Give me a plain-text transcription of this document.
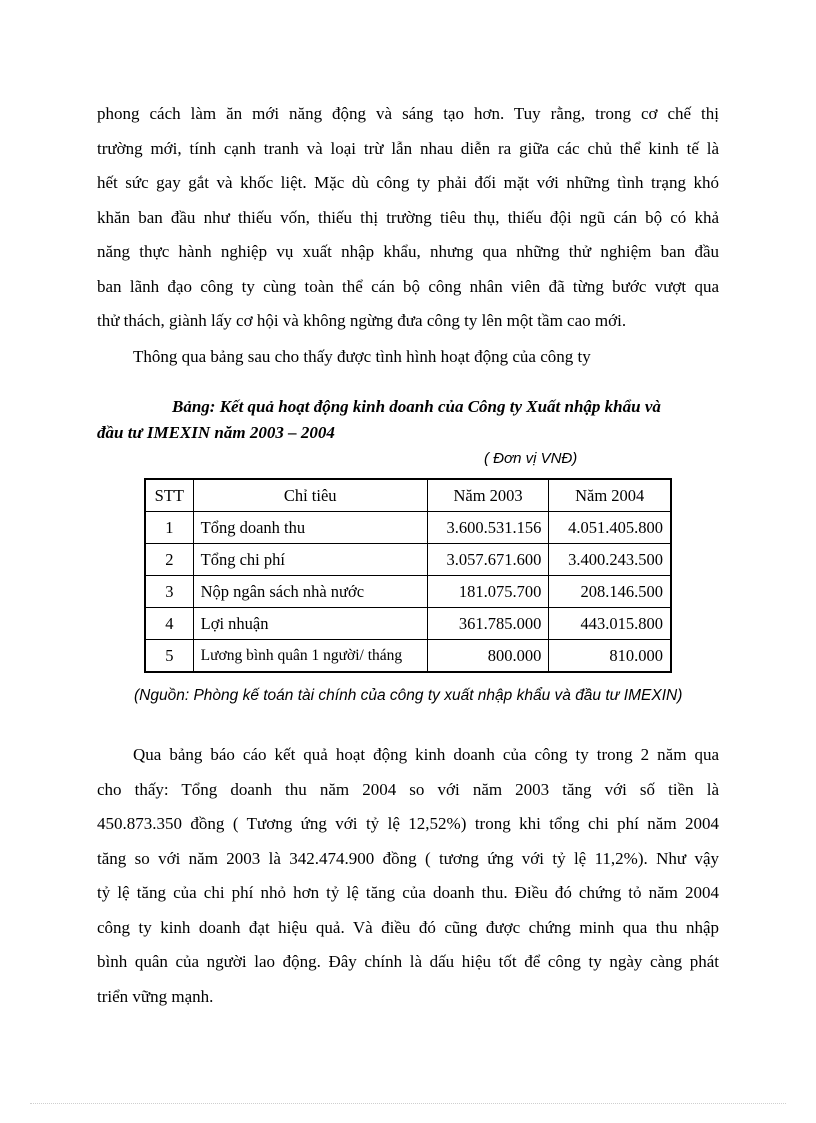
phong cách làm ăn mới năng động và sáng tạo hơn. Tuy rằng, trong cơ chế thị
trường mới, tính cạnh tranh và loại trừ lẫn nhau diễn ra giữa các chủ thể kinh tế là
hết sức gay gắt và khốc liệt. Mặc dù công ty phải đối mặt với những tình trạng khó
khăn ban đầu như thiếu vốn, thiếu thị trường tiêu thụ, thiếu đội ngũ cán bộ có khả
năng thực hành nghiệp vụ xuất nhập khẩu, nhưng qua những thử nghiệm ban đầu
ban lãnh đạo công ty cùng toàn thể cán bộ công nhân viên đã từng bước vượt qua
thử thách, giành lấy cơ hội và không ngừng đưa công ty lên một tầm cao mới.

Thông qua bảng sau cho thấy được tình hình hoạt động của công ty

Bảng: Kết quả hoạt động kinh doanh của Công ty Xuất nhập khẩu và
đầu tư IMEXIN năm 2003 – 2004

( Đơn vị VNĐ)

STT	Chỉ tiêu	Năm 2003	Năm 2004
1	Tổng doanh thu	3.600.531.156	4.051.405.800
2	Tổng chi phí	3.057.671.600	3.400.243.500
3	Nộp ngân sách nhà nước	181.075.700	208.146.500
4	Lợi nhuận	361.785.000	443.015.800
5	Lương bình quân 1 người/ tháng	800.000	810.000

(Nguồn: Phòng kế toán tài chính của công ty xuất nhập khẩu và đầu tư IMEXIN)

Qua bảng báo cáo kết quả hoạt động kinh doanh của công ty trong 2 năm qua
cho thấy: Tổng doanh thu năm 2004 so với năm 2003 tăng với số tiền là
450.873.350 đồng ( Tương ứng với tỷ lệ 12,52%) trong khi tổng chi phí năm 2004
tăng so với năm 2003 là 342.474.900 đồng ( tương ứng với tỷ lệ 11,2%). Như vậy
tỷ lệ tăng của chi phí nhỏ hơn tỷ lệ tăng của doanh thu. Điều đó chứng tỏ năm 2004
công ty kinh doanh đạt hiệu quả. Và điều đó cũng được chứng minh qua thu nhập
bình quân của người lao động. Đây chính là dấu hiệu tốt để công ty ngày càng phát
triển vững mạnh.
